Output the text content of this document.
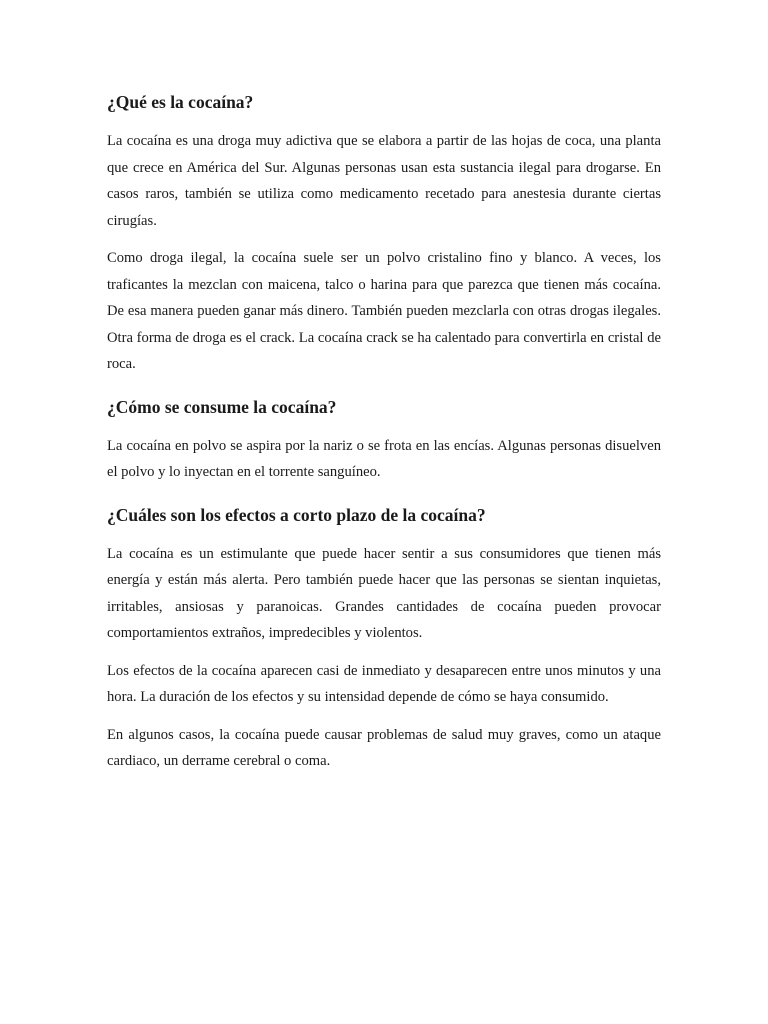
¿Qué es la cocaína?

La cocaína es una droga muy adictiva que se elabora a partir de las hojas de coca, una planta que crece en América del Sur. Algunas personas usan esta sustancia ilegal para drogarse. En casos raros, también se utiliza como medicamento recetado para anestesia durante ciertas cirugías.

Como droga ilegal, la cocaína suele ser un polvo cristalino fino y blanco. A veces, los traficantes la mezclan con maicena, talco o harina para que parezca que tienen más cocaína. De esa manera pueden ganar más dinero. También pueden mezclarla con otras drogas ilegales. Otra forma de droga es el crack. La cocaína crack se ha calentado para convertirla en cristal de roca.

¿Cómo se consume la cocaína?

La cocaína en polvo se aspira por la nariz o se frota en las encías. Algunas personas disuelven el polvo y lo inyectan en el torrente sanguíneo.

¿Cuáles son los efectos a corto plazo de la cocaína?

La cocaína es un estimulante que puede hacer sentir a sus consumidores que tienen más energía y están más alerta. Pero también puede hacer que las personas se sientan inquietas, irritables, ansiosas y paranoicas. Grandes cantidades de cocaína pueden provocar comportamientos extraños, impredecibles y violentos.

Los efectos de la cocaína aparecen casi de inmediato y desaparecen entre unos minutos y una hora. La duración de los efectos y su intensidad depende de cómo se haya consumido.

En algunos casos, la cocaína puede causar problemas de salud muy graves, como un ataque cardiaco, un derrame cerebral o coma.
